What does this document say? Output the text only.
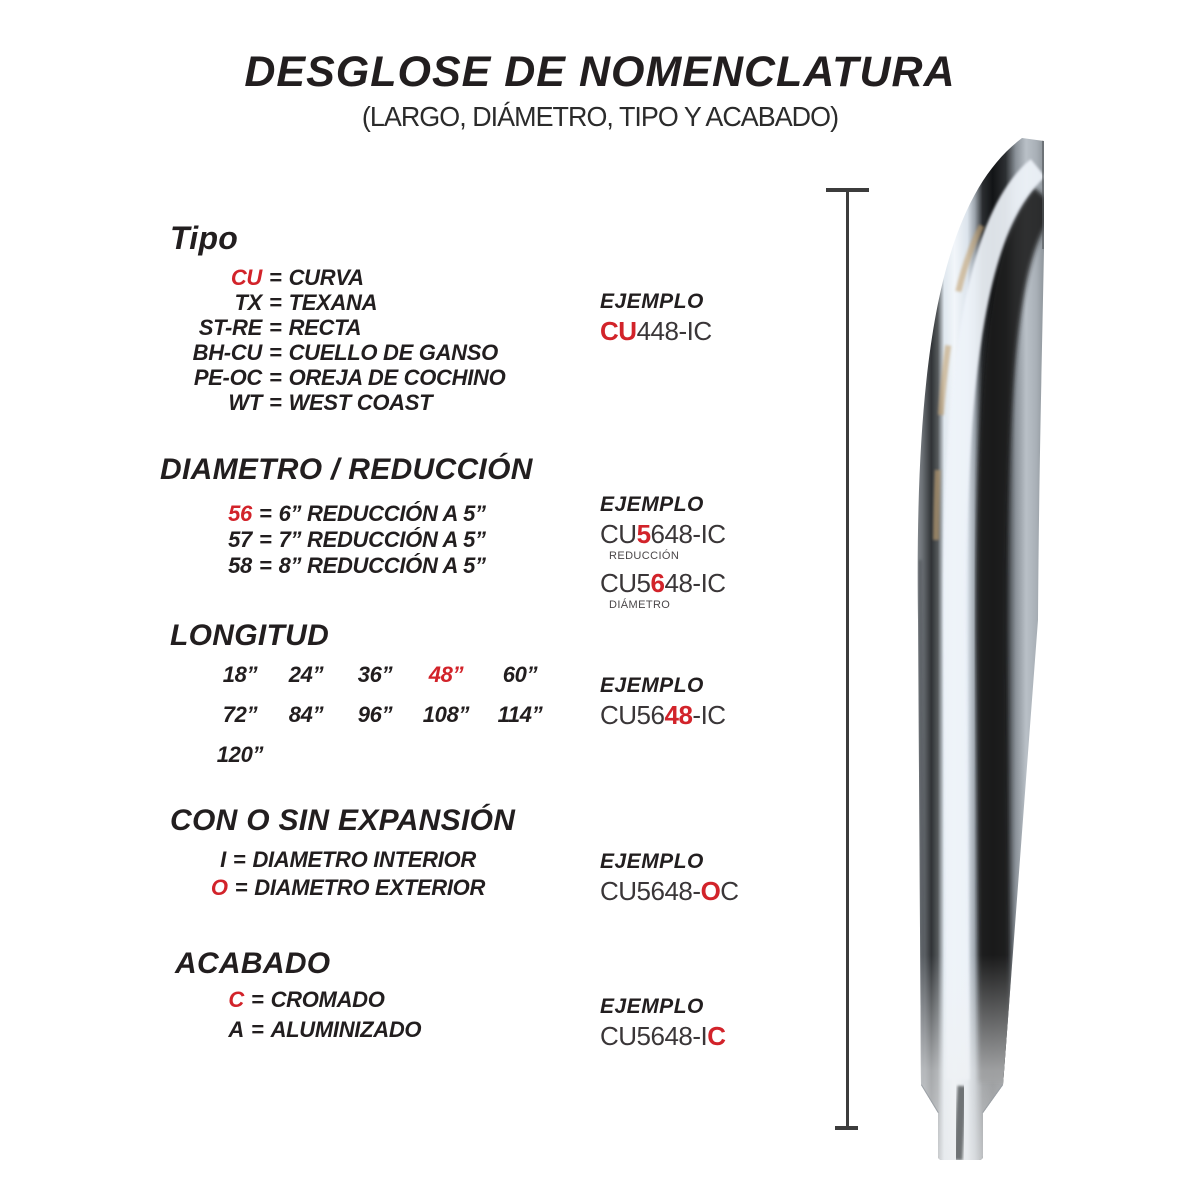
DESGLOSE DE NOMENCLATURA
(LARGO, DIÁMETRO, TIPO Y ACABADO)
Tipo
CU = CURVA
TX = TEXANA
ST-RE = RECTA
BH-CU = CUELLO DE GANSO
PE-OC = OREJA DE COCHINO
WT = WEST COAST
EJEMPLO
CU448-IC
DIAMETRO / REDUCCIÓN
56 = 6” REDUCCIÓN A 5”
57 = 7” REDUCCIÓN A 5”
58 = 8” REDUCCIÓN A 5”
EJEMPLO
CU5648-IC
REDUCCIÓN
CU5648-IC
DIÁMETRO
LONGITUD
18”	24”	36”	48”	60”
72”	84”	96”	108”	114”
120”
EJEMPLO
CU5648-IC
CON O SIN EXPANSIÓN
I = DIAMETRO INTERIOR
O = DIAMETRO EXTERIOR
EJEMPLO
CU5648-OC
ACABADO
C = CROMADO
A = ALUMINIZADO
EJEMPLO
CU5648-IC
